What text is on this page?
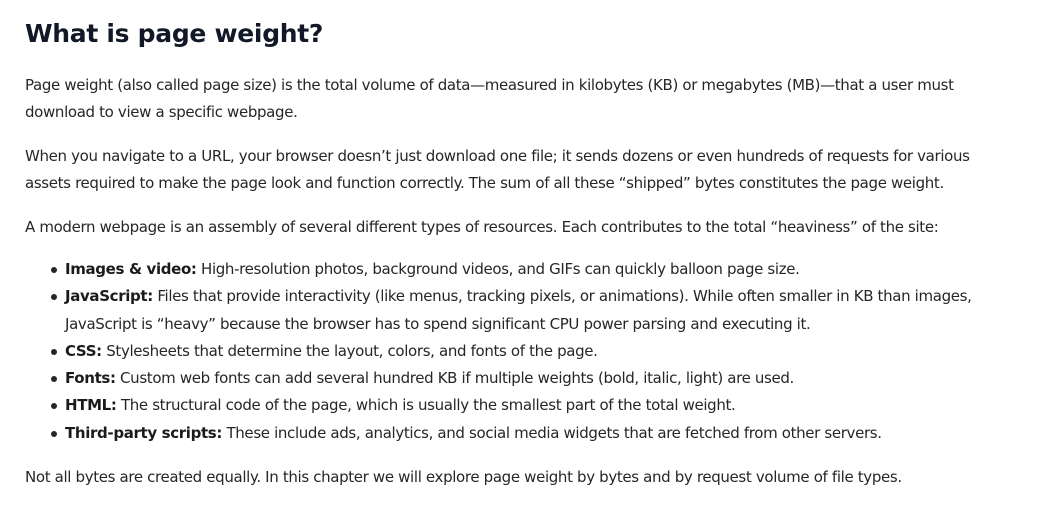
What is page weight?

Page weight (also called page size) is the total volume of data—measured in kilobytes (KB) or megabytes (MB)—that a user must
download to view a specific webpage.

When you navigate to a URL, your browser doesn’t just download one file; it sends dozens or even hundreds of requests for various
assets required to make the page look and function correctly. The sum of all these “shipped” bytes constitutes the page weight.

A modern webpage is an assembly of several different types of resources. Each contributes to the total “heaviness” of the site:

Images & video: High-resolution photos, background videos, and GIFs can quickly balloon page size.
JavaScript: Files that provide interactivity (like menus, tracking pixels, or animations). While often smaller in KB than images,
JavaScript is “heavy” because the browser has to spend significant CPU power parsing and executing it.
CSS: Stylesheets that determine the layout, colors, and fonts of the page.
Fonts: Custom web fonts can add several hundred KB if multiple weights (bold, italic, light) are used.
HTML: The structural code of the page, which is usually the smallest part of the total weight.
Third-party scripts: These include ads, analytics, and social media widgets that are fetched from other servers.

Not all bytes are created equally. In this chapter we will explore page weight by bytes and by request volume of file types.
